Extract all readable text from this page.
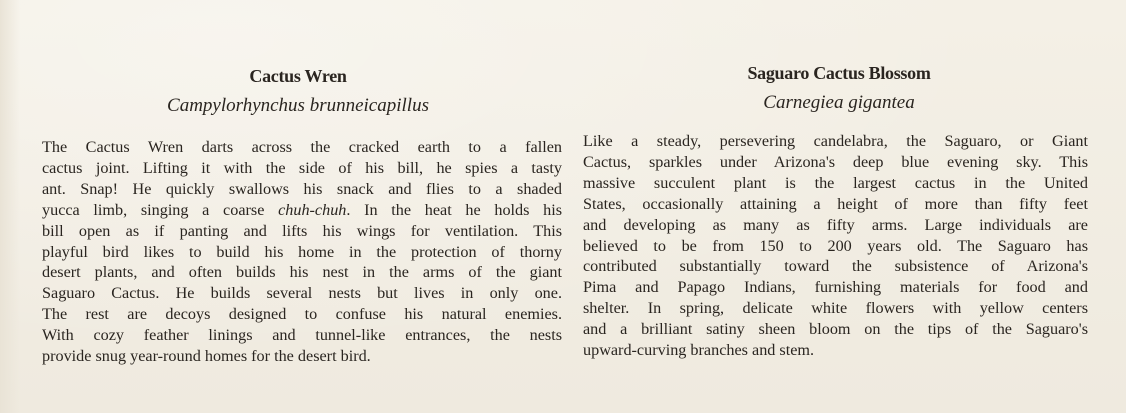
Cactus Wren
Campylorhynchus brunneicapillus
The Cactus Wren darts across the cracked earth to a fallen
cactus joint. Lifting it with the side of his bill, he spies a tasty
ant. Snap! He quickly swallows his snack and flies to a shaded
yucca limb, singing a coarse chuh-chuh. In the heat he holds his
bill open as if panting and lifts his wings for ventilation. This
playful bird likes to build his home in the protection of thorny
desert plants, and often builds his nest in the arms of the giant
Saguaro Cactus. He builds several nests but lives in only one.
The rest are decoys designed to confuse his natural enemies.
With cozy feather linings and tunnel-like entrances, the nests
provide snug year-round homes for the desert bird.
Saguaro Cactus Blossom
Carnegiea gigantea
Like a steady, persevering candelabra, the Saguaro, or Giant
Cactus, sparkles under Arizona's deep blue evening sky. This
massive succulent plant is the largest cactus in the United
States, occasionally attaining a height of more than fifty feet
and developing as many as fifty arms. Large individuals are
believed to be from 150 to 200 years old. The Saguaro has
contributed substantially toward the subsistence of Arizona's
Pima and Papago Indians, furnishing materials for food and
shelter. In spring, delicate white flowers with yellow centers
and a brilliant satiny sheen bloom on the tips of the Saguaro's
upward-curving branches and stem.
